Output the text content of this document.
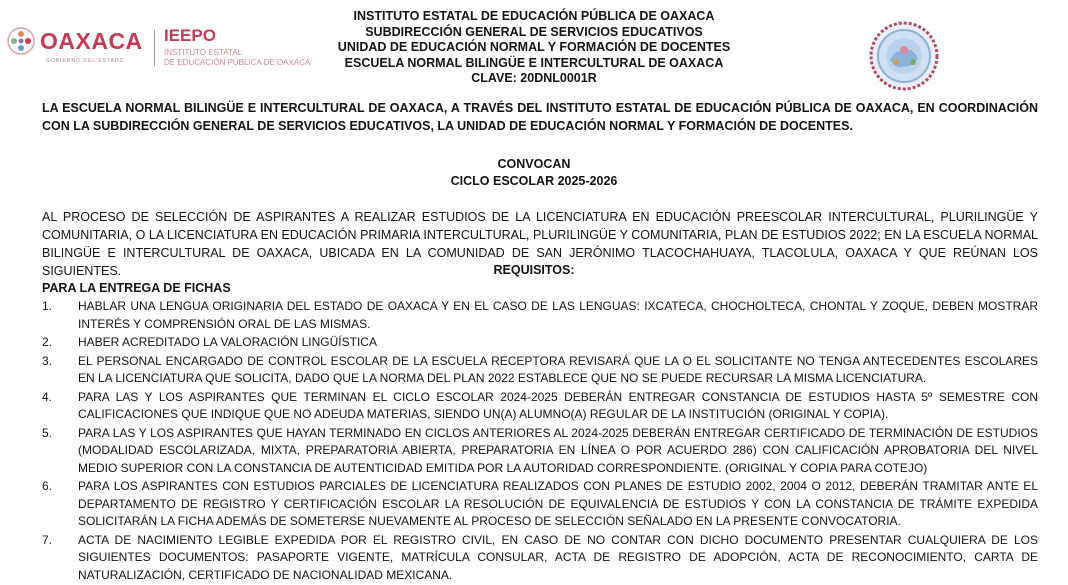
OAXACA
GOBIERNO DEL ESTADO
IEEPO
INSTITUTO ESTATAL
DE EDUCACIÓN PÚBLICA DE OAXACA
INSTITUTO ESTATAL DE EDUCACIÓN PÚBLICA DE OAXACA
SUBDIRECCIÓN GENERAL DE SERVICIOS EDUCATIVOS
UNIDAD DE EDUCACIÓN NORMAL Y FORMACIÓN DE DOCENTES
ESCUELA NORMAL BILINGÜE E INTERCULTURAL DE OAXACA
CLAVE: 20DNL0001R
LA ESCUELA NORMAL BILINGÜE E INTERCULTURAL DE OAXACA, A TRAVÉS DEL INSTITUTO ESTATAL DE EDUCACIÓN PÚBLICA DE OAXACA, EN COORDINACIÓN CON LA SUBDIRECCIÓN GENERAL DE SERVICIOS EDUCATIVOS, LA UNIDAD DE EDUCACIÓN NORMAL Y FORMACIÓN DE DOCENTES.
CONVOCAN
CICLO ESCOLAR 2025-2026
AL PROCESO DE SELECCIÓN DE ASPIRANTES A REALIZAR ESTUDIOS DE LA LICENCIATURA EN EDUCACIÓN PREESCOLAR INTERCULTURAL, PLURILINGÜE Y COMUNITARIA, O LA LICENCIATURA EN EDUCACIÓN PRIMARIA INTERCULTURAL, PLURILINGÜE Y COMUNITARIA, PLAN DE ESTUDIOS 2022; EN LA ESCUELA NORMAL BILINGÜE E INTERCULTURAL DE OAXACA, UBICADA EN LA COMUNIDAD DE SAN JERÓNIMO TLACOCHAHUAYA, TLACOLULA, OAXACA Y QUE REÚNAN LOS SIGUIENTES.	REQUISITOS:
PARA LA ENTREGA DE FICHAS
1.	HABLAR UNA LENGUA ORIGINARIA DEL ESTADO DE OAXACA Y EN EL CASO DE LAS LENGUAS: IXCATECA, CHOCHOLTECA, CHONTAL Y ZOQUE, DEBEN MOSTRAR INTERÉS Y COMPRENSIÓN ORAL DE LAS MISMAS.
2.	HABER ACREDITADO LA VALORACIÓN LINGÜÍSTICA
3.	EL PERSONAL ENCARGADO DE CONTROL ESCOLAR DE LA ESCUELA RECEPTORA REVISARÁ QUE LA O EL SOLICITANTE NO TENGA ANTECEDENTES ESCOLARES EN LA LICENCIATURA QUE SOLICITA, DADO QUE LA NORMA DEL PLAN 2022 ESTABLECE QUE NO SE PUEDE RECURSAR LA MISMA LICENCIATURA.
4.	PARA LAS Y LOS ASPIRANTES QUE TERMINAN EL CICLO ESCOLAR 2024-2025 DEBERÁN ENTREGAR CONSTANCIA DE ESTUDIOS HASTA 5º SEMESTRE CON CALIFICACIONES QUE INDIQUE QUE NO ADEUDA MATERIAS, SIENDO UN(A) ALUMNO(A) REGULAR DE LA INSTITUCIÓN (ORIGINAL Y COPIA).
5.	PARA LAS Y LOS ASPIRANTES QUE HAYAN TERMINADO EN CICLOS ANTERIORES AL 2024-2025 DEBERÁN ENTREGAR CERTIFICADO DE TERMINACIÓN DE ESTUDIOS (MODALIDAD ESCOLARIZADA, MIXTA, PREPARATORIA ABIERTA, PREPARATORIA EN LÍNEA O POR ACUERDO 286) CON CALIFICACIÓN APROBATORIA DEL NIVEL MEDIO SUPERIOR CON LA CONSTANCIA DE AUTENTICIDAD EMITIDA POR LA AUTORIDAD CORRESPONDIENTE. (ORIGINAL Y COPIA PARA COTEJO)
6.	PARA LOS ASPIRANTES CON ESTUDIOS PARCIALES DE LICENCIATURA REALIZADOS CON PLANES DE ESTUDIO 2002, 2004 O 2012, DEBERÁN TRAMITAR ANTE EL DEPARTAMENTO DE REGISTRO Y CERTIFICACIÓN ESCOLAR LA RESOLUCIÓN DE EQUIVALENCIA DE ESTUDIOS Y CON LA CONSTANCIA DE TRÁMITE EXPEDIDA SOLICITARÁN LA FICHA ADEMÁS DE SOMETERSE NUEVAMENTE AL PROCESO DE SELECCIÓN SEÑALADO EN LA PRESENTE CONVOCATORIA.
7.	ACTA DE NACIMIENTO LEGIBLE EXPEDIDA POR EL REGISTRO CIVIL, EN CASO DE NO CONTAR CON DICHO DOCUMENTO PRESENTAR CUALQUIERA DE LOS SIGUIENTES DOCUMENTOS: PASAPORTE VIGENTE, MATRÍCULA CONSULAR, ACTA DE REGISTRO DE ADOPCIÓN, ACTA DE RECONOCIMIENTO, CARTA DE NATURALIZACIÓN, CERTIFICADO DE NACIONALIDAD MEXICANA.
